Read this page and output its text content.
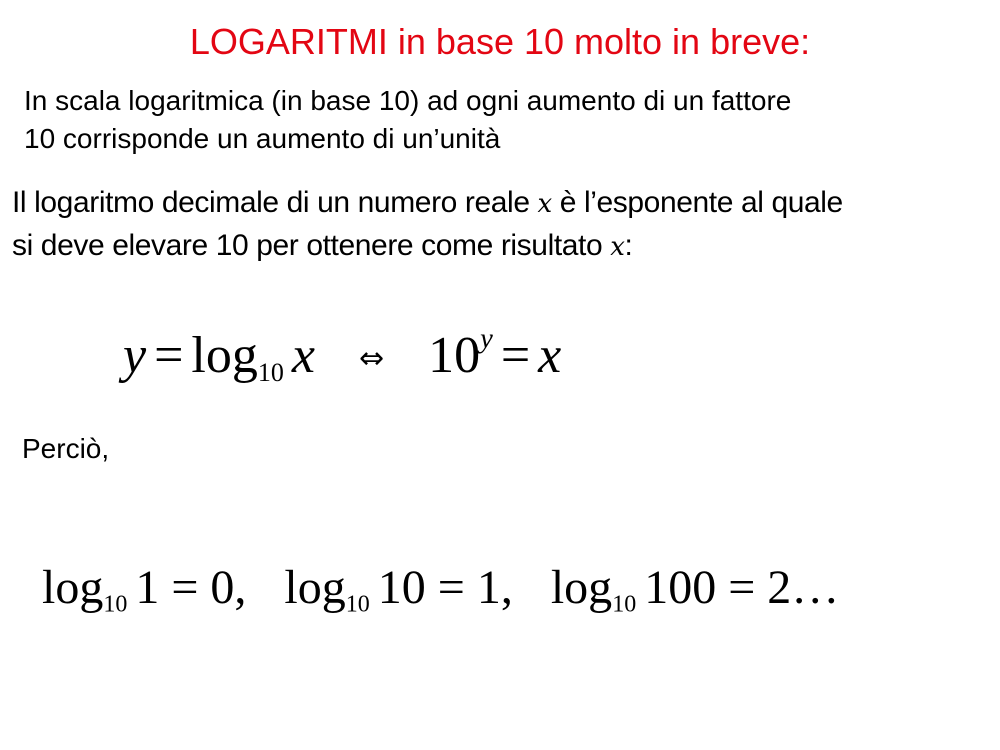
LOGARITMI in base 10 molto in breve:
In scala logaritmica (in base 10) ad ogni aumento di un fattore
10 corrisponde un aumento di un’unità
Il logaritmo decimale di un numero reale x è l’esponente al quale
si deve elevare 10 per ottenere come risultato x:
$y = \log_{10} x$ ⇔ $10^y = x$
Perciò,
$\log_{10} 1 = 0$, $\log_{10} 10 = 1$, $\log_{10} 100$ = 2…
